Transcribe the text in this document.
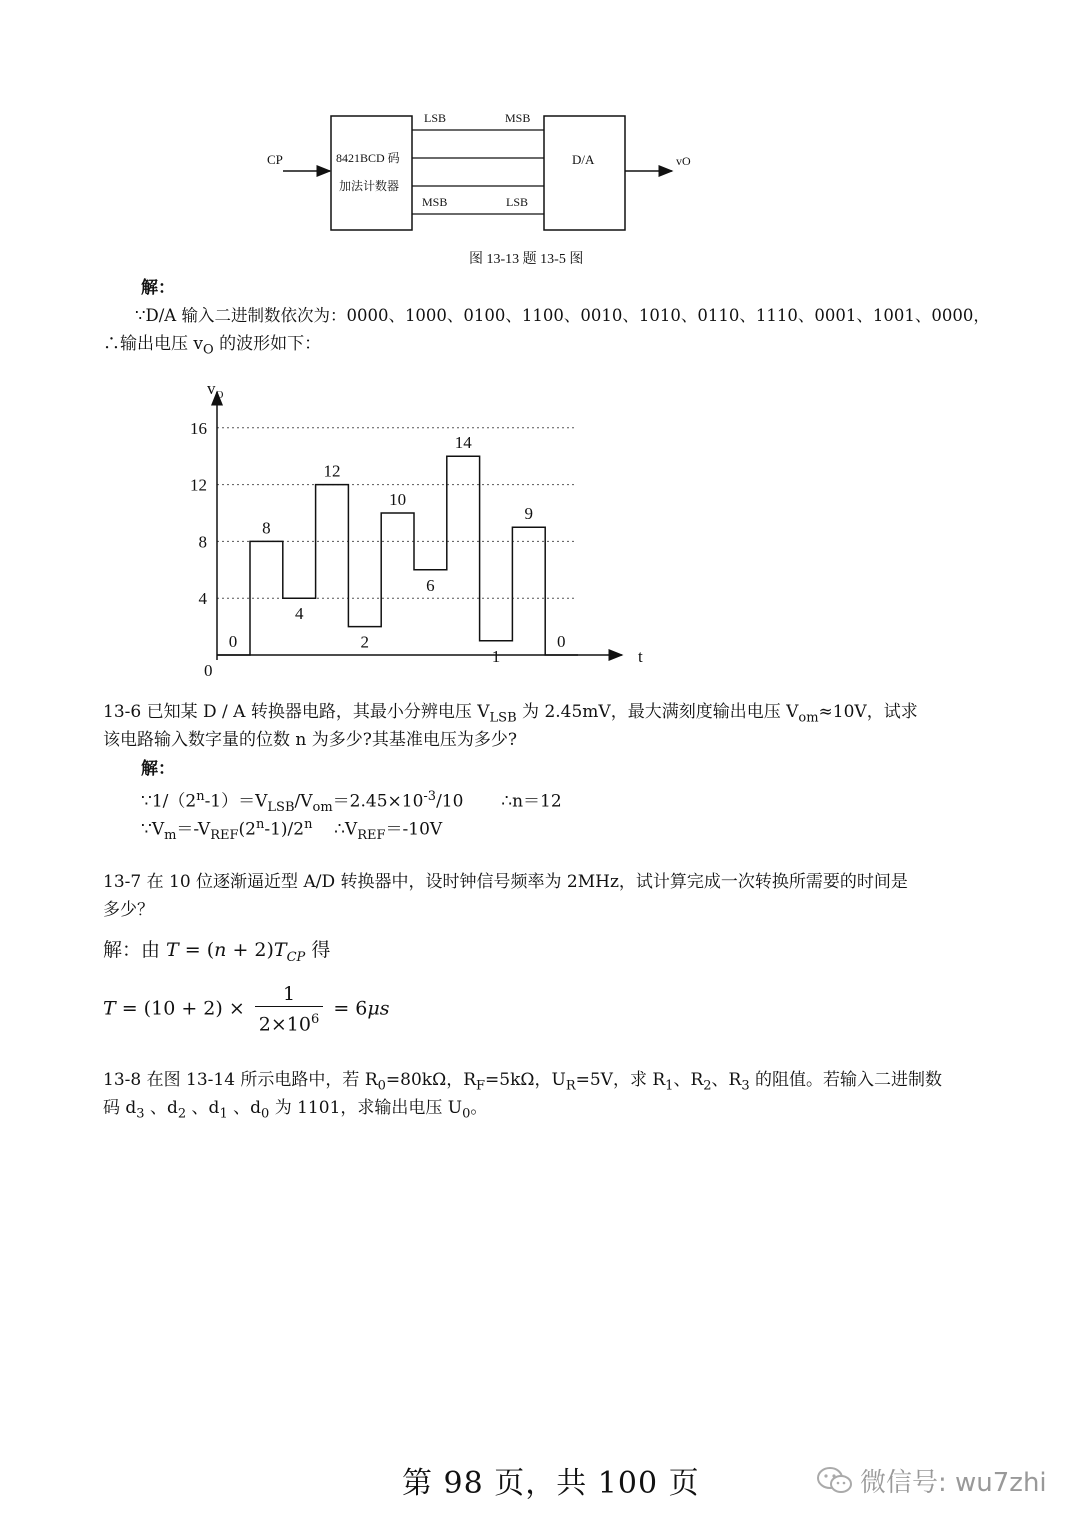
CP	8421BCD 码
加法计数器
LSB	MSB
MSB	LSB
D/A	vO
图 13-13 题 13-5 图
解：
∵D/A 输入二进制数依次为：0000、1000、0100、1100、0010、1010、0110、1110、0001、1001、0000，
∴输出电压 $v_O$ 的波形如下：
4
8
12
16
$v_O$
t
0
0
8
4
12
2
10
6
14
1
9
0
13-6 已知某 D / A 转换器电路，其最小分辨电压 $V_{LSB}$ 为 2.45mV，最大满刻度输出电压 $V_{om}\approx 10V$，试求
该电路输入数字量的位数 n 为多少?其基准电压为多少?
解：
$\because 1/(2^n-1)=V_{LSB}/V_{om}=2.45\times 10^{-3}/10$       ∴n＝12
$\because V_m=-V_{REF}(2^n-1)/2^n$    $\therefore V_{REF}=-10V$
13-7 在 10 位逐渐逼近型 A/D 转换器中，设时钟信号频率为 2MHz，试计算完成一次转换所需要的时间是
多少？
解：由 $T = (n + 2)T_{CP}$ 得
$T = (10 + 2) \times \frac{1}{2\times 10^6} = 6\mu s$
13-8 在图 13-14 所示电路中，若 $R_0=80k\Omega$，$R_F=5k\Omega$，$U_R=5V$，求 $R_1$、$R_2$、$R_3$ 的阻值。若输入二进制数
码 $d_3$ 、$d_2$ 、$d_1$ 、$d_0$ 为 1101，求输出电压 $U_0$。
第 98 页，共 100 页	微信号: wu7zhi
